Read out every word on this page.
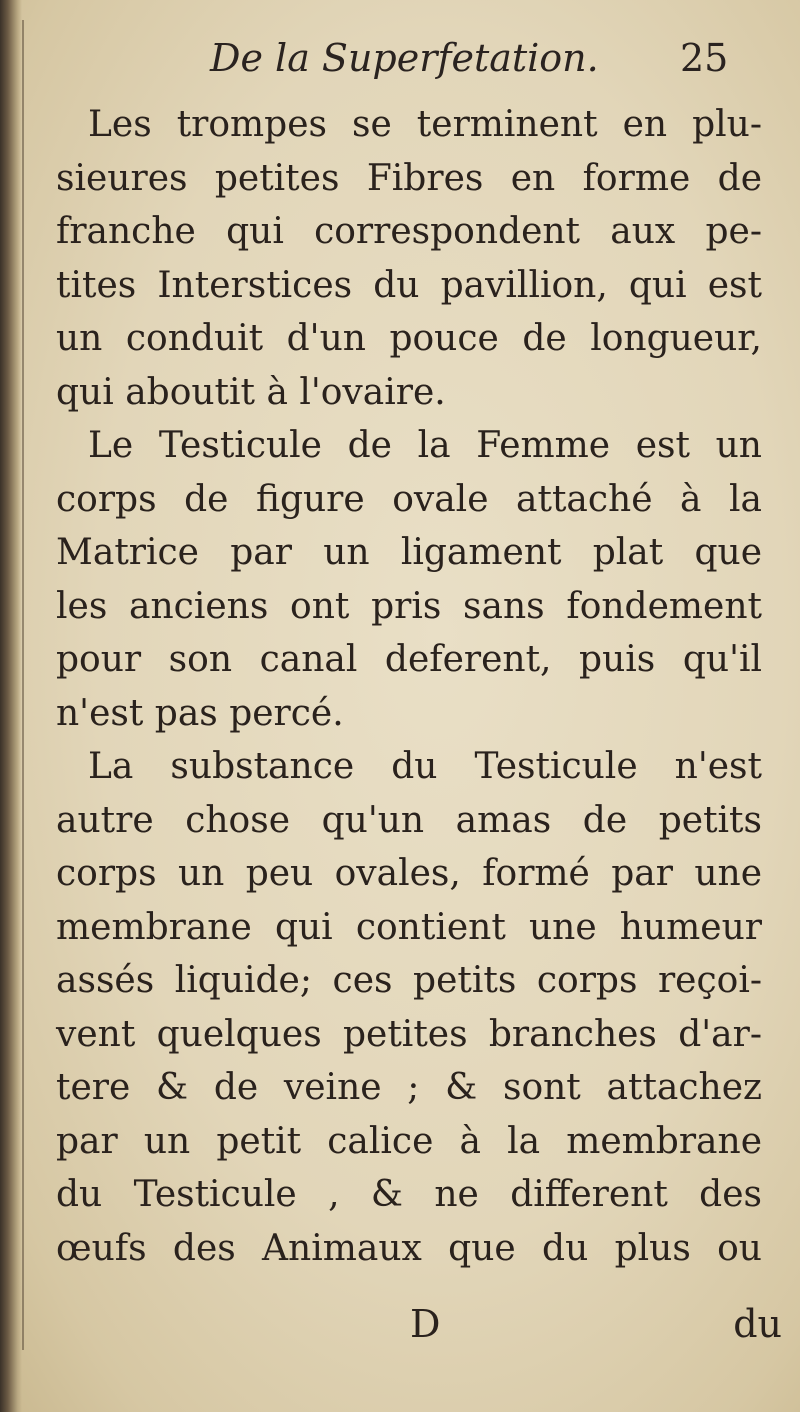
De la Superfetation. 25
Les trompes se terminent en plu-
sieures petites Fibres en forme de
franche qui correspondent aux pe-
tites Interstices du pavillion, qui est
un conduit d'un pouce de longueur,
qui aboutit à l'ovaire.
Le Testicule de la Femme est un
corps de figure ovale attaché à la
Matrice par un ligament plat que
les anciens ont pris sans fondement
pour son canal deferent, puis qu'il
n'est pas percé.
La substance du Testicule n'est
autre chose qu'un amas de petits
corps un peu ovales, formé par une
membrane qui contient une humeur
assés liquide; ces petits corps reçoi-
vent quelques petites branches d'ar-
tere & de veine ; & sont attachez
par un petit calice à la membrane
du Testicule , & ne different des
œufs des Animaux que du plus ou
D	du
